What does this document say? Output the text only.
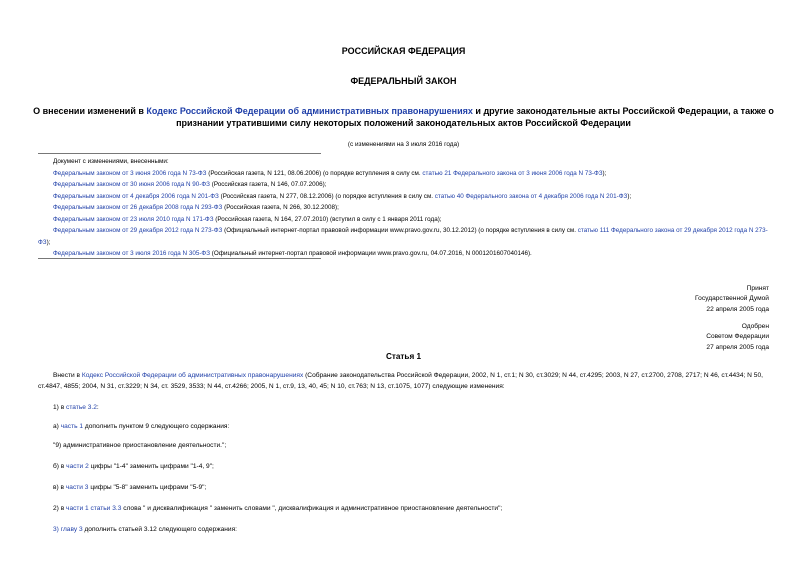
РОССИЙСКАЯ ФЕДЕРАЦИЯ
ФЕДЕРАЛЬНЫЙ ЗАКОН
О внесении изменений в Кодекс Российской Федерации об административных правонарушениях и другие законодательные акты Российской Федерации, а также о признании утратившими силу некоторых положений законодательных актов Российской Федерации
(с изменениями на 3 июля 2016 года)
Документ с изменениями, внесенными:
Федеральным законом от 3 июня 2006 года N 73-ФЗ (Российская газета, N 121, 08.06.2006) (о порядке вступления в силу см. статью 21 Федерального закона от 3 июня 2006 года N 73-ФЗ);
Федеральным законом от 30 июня 2006 года N 90-ФЗ (Российская газета, N 146, 07.07.2006);
Федеральным законом от 4 декабря 2006 года N 201-ФЗ (Российская газета, N 277, 08.12.2006) (о порядке вступления в силу см. статью 40 Федерального закона от 4 декабря 2006 года N 201-ФЗ);
Федеральным законом от 26 декабря 2008 года N 293-ФЗ (Российская газета, N 266, 30.12.2008);
Федеральным законом от 23 июля 2010 года N 171-ФЗ (Российская газета, N 164, 27.07.2010) (вступил в силу с 1 января 2011 года);
Федеральным законом от 29 декабря 2012 года N 273-ФЗ (Официальный интернет-портал правовой информации www.pravo.gov.ru, 30.12.2012) (о порядке вступления в силу см. статью 111 Федерального закона от 29 декабря 2012 года N 273-ФЗ);
Федеральным законом от 3 июля 2016 года N 305-ФЗ (Официальный интернет-портал правовой информации www.pravo.gov.ru, 04.07.2016, N 0001201607040146).
Принят
Государственной Думой
22 апреля 2005 года
Одобрен
Советом Федерации
27 апреля 2005 года
Статья 1
Внести в Кодекс Российской Федерации об административных правонарушениях (Собрание законодательства Российской Федерации, 2002, N 1, ст.1; N 30, ст.3029; N 44, ст.4295; 2003, N 27, ст.2700, 2708, 2717; N 46, ст.4434; N 50, ст.4847, 4855; 2004, N 31, ст.3229; N 34, ст. 3529, 3533; N 44, ст.4266; 2005, N 1, ст.9, 13, 40, 45; N 10, ст.763; N 13, ст.1075, 1077) следующие изменения:
1) в статье 3.2:
а) часть 1 дополнить пунктом 9 следующего содержания:
"9) административное приостановление деятельности.";
б) в части 2 цифры "1-4" заменить цифрами "1-4, 9";
в) в части 3 цифры "5-8" заменить цифрами "5-9";
2) в части 1 статьи 3.3 слова " и дисквалификация " заменить словами ", дисквалификация и административное приостановление деятельности";
3) главу 3 дополнить статьей 3.12 следующего содержания:
